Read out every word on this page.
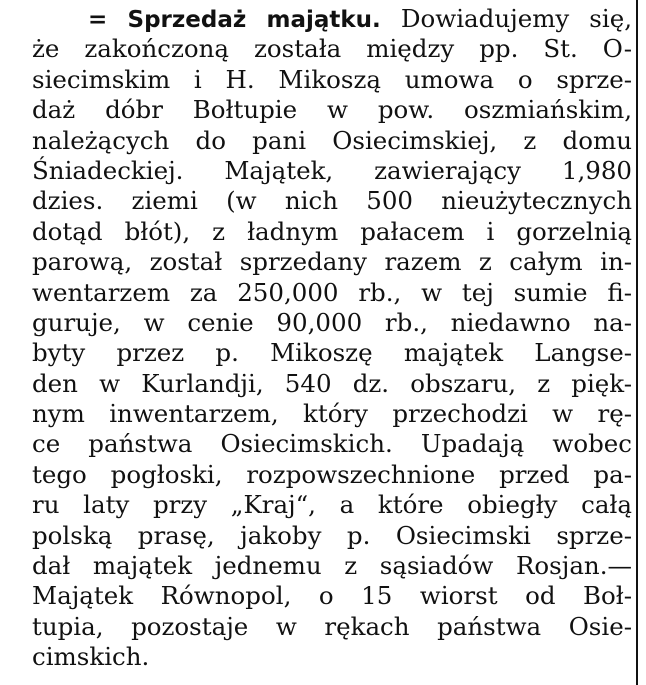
= Sprzedaż majątku. Dowiadujemy się,
że zakończoną została między pp. St. O-
siecimskim i H. Mikoszą umowa o sprze-
daż dóbr Bołtupie w pow. oszmiańskim,
należących do pani Osiecimskiej, z domu
Śniadeckiej. Majątek, zawierający 1,980
dzies. ziemi (w nich 500 nieużytecznych
dotąd błót), z ładnym pałacem i gorzelnią
parową, został sprzedany razem z całym in-
wentarzem za 250,000 rb., w tej sumie fi-
guruje, w cenie 90,000 rb., niedawno na-
byty przez p. Mikoszę majątek Langse-
den w Kurlandji, 540 dz. obszaru, z pięk-
nym inwentarzem, który przechodzi w rę-
ce państwa Osiecimskich. Upadają wobec
tego pogłoski, rozpowszechnione przed pa-
ru laty przy „Kraj“, a które obiegły całą
polską prasę, jakoby p. Osiecimski sprze-
dał majątek jednemu z sąsiadów Rosjan.—
Majątek Równopol, o 15 wiorst od Boł-
tupia, pozostaje w rękach państwa Osie-
cimskich.
